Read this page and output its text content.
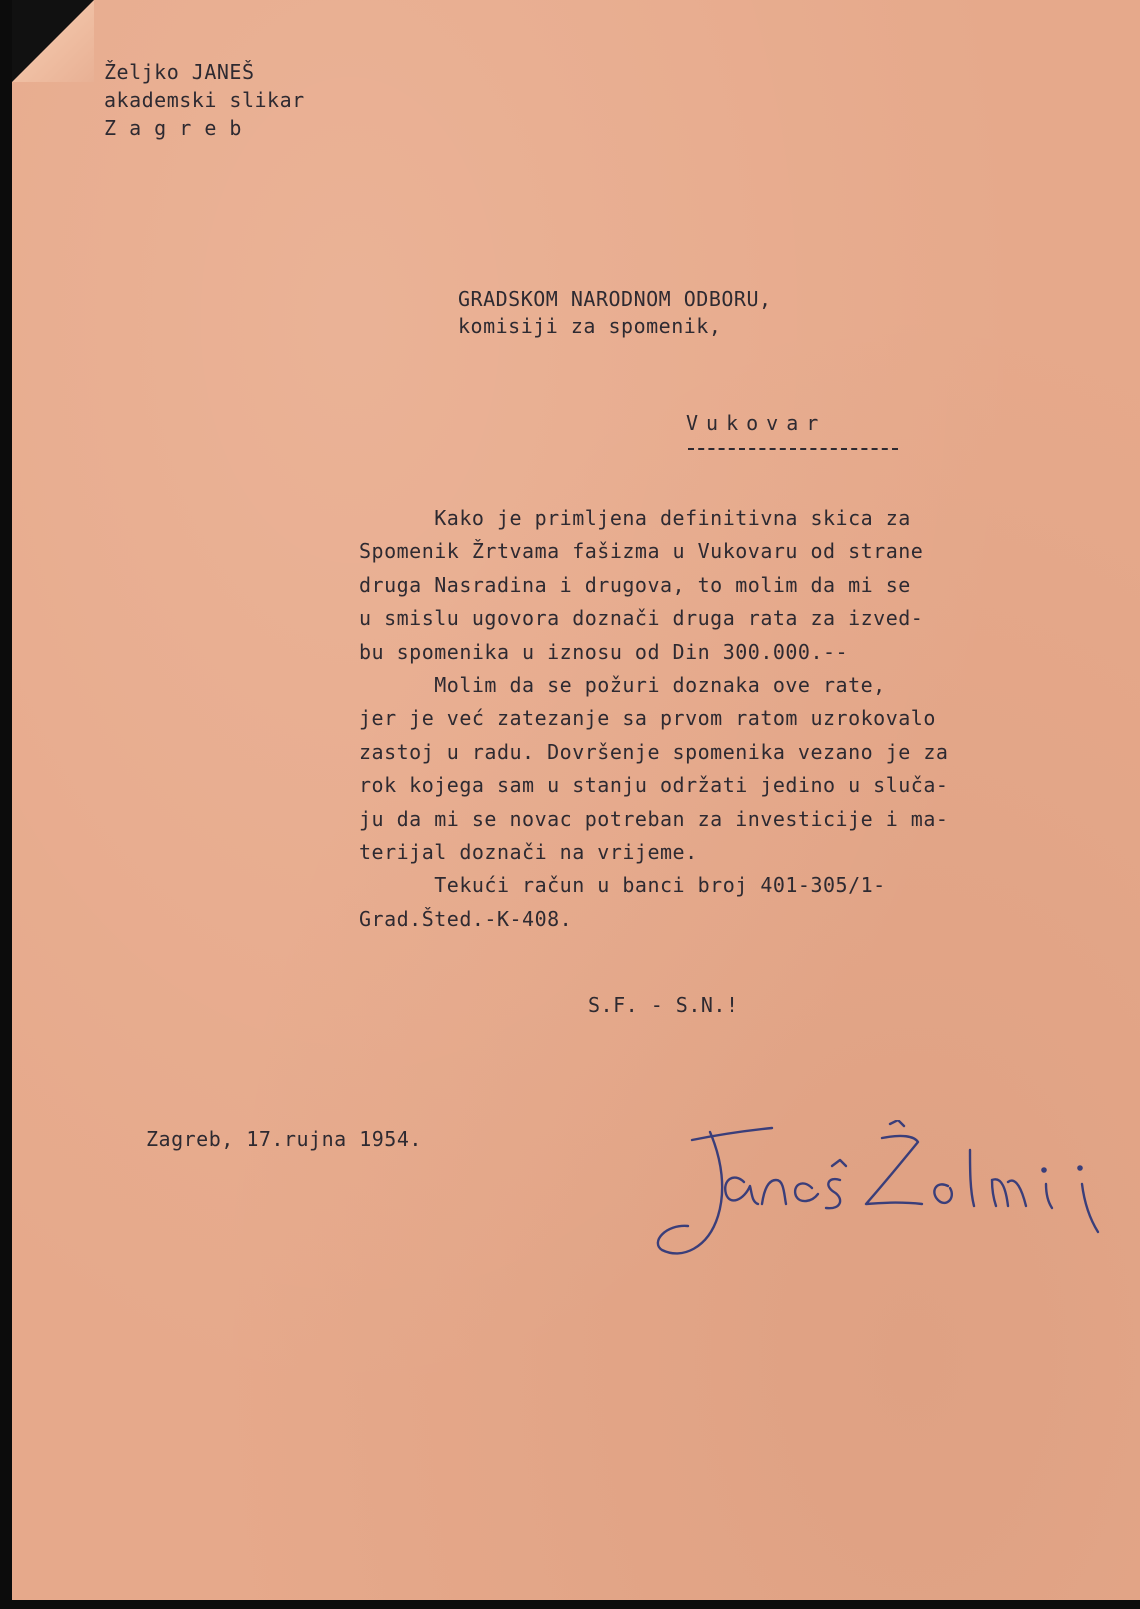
Željko JANEŠ
akademski slikar
Z a g r e b
GRADSKOM NARODNOM ODBORU,
komisiji za spomenik,
Vukovar
Kako je primljena definitivna skica za
Spomenik Žrtvama fašizma u Vukovaru od strane
druga Nasradina i drugova, to molim da mi se
u smislu ugovora doznači druga rata za izved-
bu spomenika u iznosu od Din 300.000.--
Molim da se požuri doznaka ove rate,
jer je već zatezanje sa prvom ratom uzrokovalo
zastoj u radu. Dovršenje spomenika vezano je za
rok kojega sam u stanju održati jedino u sluča-
ju da mi se novac potreban za investicije i ma-
terijal doznači na vrijeme.
Tekući račun u banci broj 401-305/1-
Grad.Šted.-K-408.
S.F. - S.N.!
Zagreb, 17.rujna 1954.
